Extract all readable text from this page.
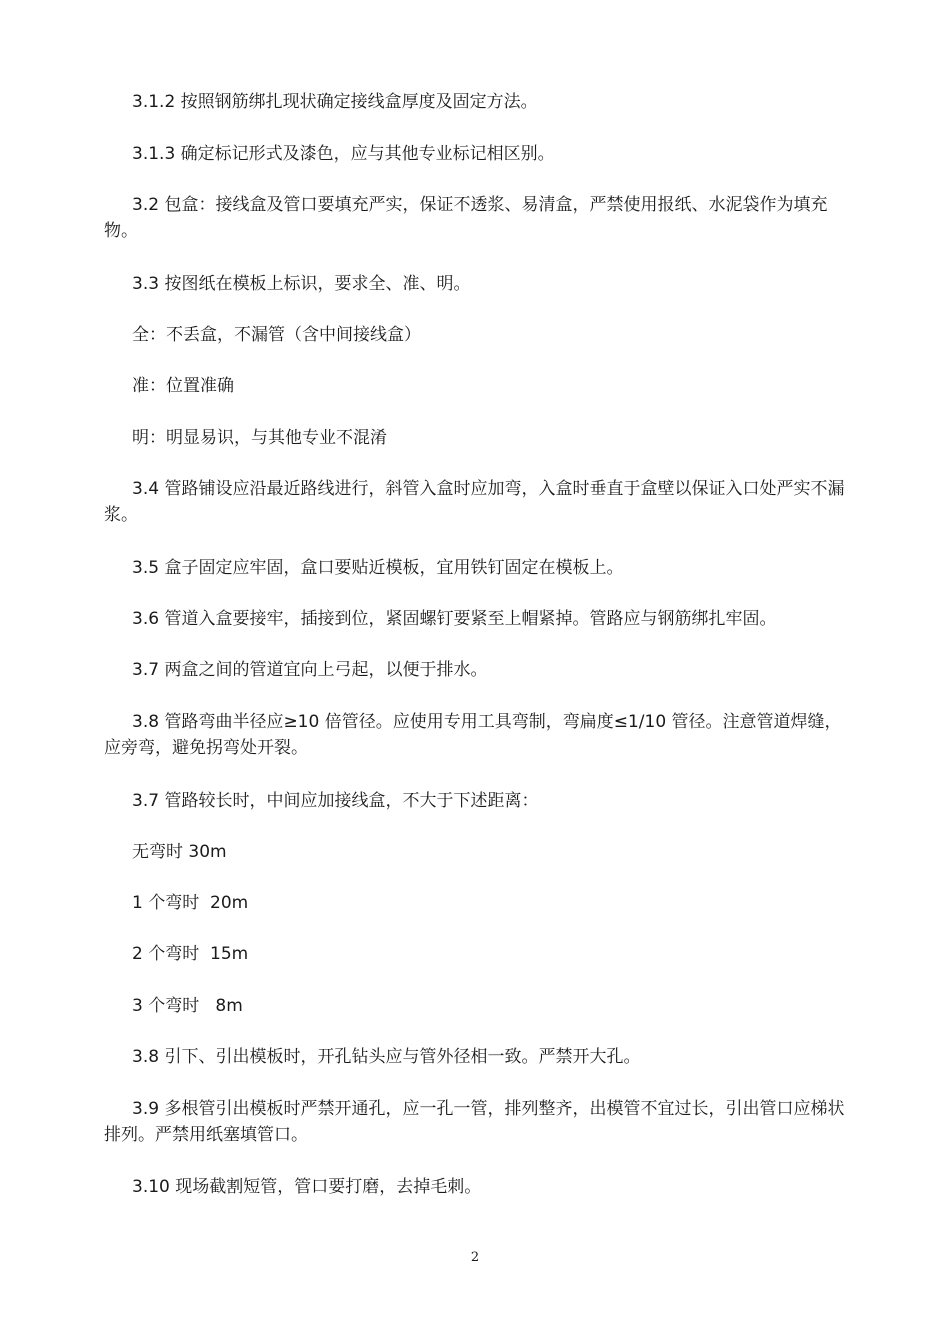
3.1.2 按照钢筋绑扎现状确定接线盒厚度及固定方法。

3.1.3 确定标记形式及漆色，应与其他专业标记相区别。

3.2 包盒：接线盒及管口要填充严实，保证不透浆、易清盒，严禁使用报纸、水泥袋作为填充物。

3.3 按图纸在模板上标识，要求全、准、明。

全：不丢盒，不漏管（含中间接线盒）

准：位置准确

明：明显易识，与其他专业不混淆

3.4 管路铺设应沿最近路线进行，斜管入盒时应加弯，入盒时垂直于盒壁以保证入口处严实不漏浆。

3.5 盒子固定应牢固，盒口要贴近模板，宜用铁钉固定在模板上。

3.6 管道入盒要接牢，插接到位，紧固螺钉要紧至上帽紧掉。管路应与钢筋绑扎牢固。

3.7 两盒之间的管道宜向上弓起，以便于排水。

3.8 管路弯曲半径应≥10 倍管径。应使用专用工具弯制，弯扁度≤1/10 管径。注意管道焊缝，应旁弯，避免拐弯处开裂。

3.7 管路较长时，中间应加接线盒，不大于下述距离：

无弯时 30m

1 个弯时  20m

2 个弯时  15m

3 个弯时   8m

3.8 引下、引出模板时，开孔钻头应与管外径相一致。严禁开大孔。

3.9 多根管引出模板时严禁开通孔，应一孔一管，排列整齐，出模管不宜过长，引出管口应梯状排列。严禁用纸塞填管口。

3.10 现场截割短管，管口要打磨，去掉毛刺。

2
